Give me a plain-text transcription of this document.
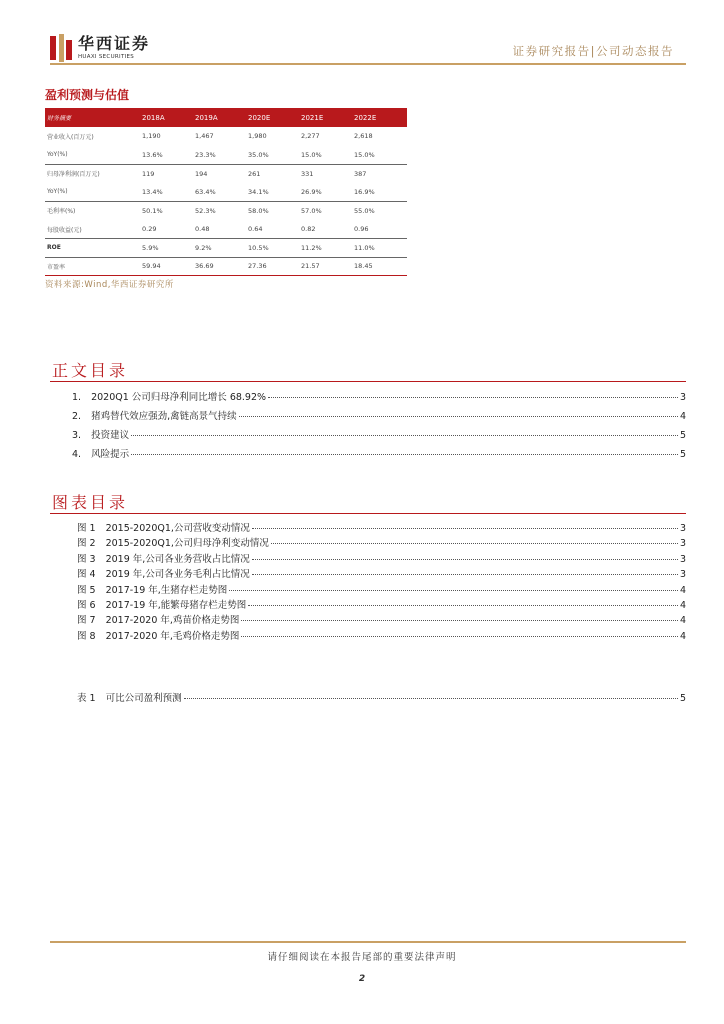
华西证券
HUAXI SECURITIES	证券研究报告|公司动态报告
盈利预测与估值
财务摘要	2018A	2019A	2020E	2021E	2022E
营业收入(百万元)	1,190	1,467	1,980	2,277	2,618
YoY(%)	13.6%	23.3%	35.0%	15.0%	15.0%
归母净利润(百万元)	119	194	261	331	387
YoY(%)	13.4%	63.4%	34.1%	26.9%	16.9%
毛利率(%)	50.1%	52.3%	58.0%	57.0%	55.0%
每股收益(元)	0.29	0.48	0.64	0.82	0.96
ROE	5.9%	9.2%	10.5%	11.2%	11.0%
市盈率	59.94	36.69	27.36	21.57	18.45
资料来源:Wind,华西证券研究所
正文目录
1. 2020Q1 公司归母净利同比增长 68.92%	3
2. 猪鸡替代效应强劲,禽链高景气持续	4
3. 投资建议	5
4. 风险提示	5
图表目录
图 1 2015-2020Q1,公司营收变动情况	3
图 2 2015-2020Q1,公司归母净利变动情况	3
图 3 2019 年,公司各业务营收占比情况	3
图 4 2019 年,公司各业务毛利占比情况	3
图 5 2017-19 年,生猪存栏走势图	4
图 6 2017-19 年,能繁母猪存栏走势图	4
图 7 2017-2020 年,鸡苗价格走势图	4
图 8 2017-2020 年,毛鸡价格走势图	4
表 1 可比公司盈利预测	5
请仔细阅读在本报告尾部的重要法律声明
2
